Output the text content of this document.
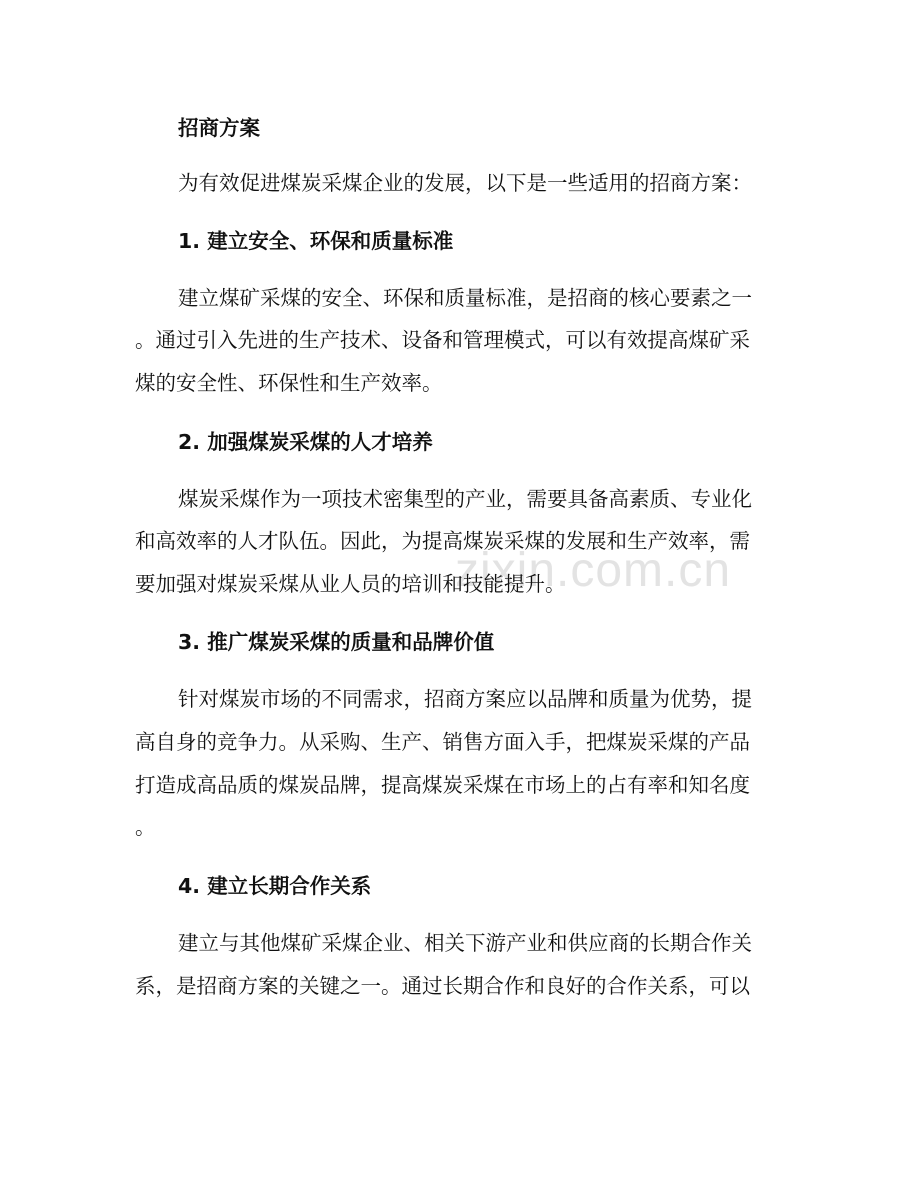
zixin.com.cn
招商方案
为有效促进煤炭采煤企业的发展，以下是一些适用的招商方案：
1. 建立安全、环保和质量标准
建立煤矿采煤的安全、环保和质量标准，是招商的核心要素之一
。通过引入先进的生产技术、设备和管理模式，可以有效提高煤矿采
煤的安全性、环保性和生产效率。
2. 加强煤炭采煤的人才培养
煤炭采煤作为一项技术密集型的产业，需要具备高素质、专业化
和高效率的人才队伍。因此，为提高煤炭采煤的发展和生产效率，需
要加强对煤炭采煤从业人员的培训和技能提升。
3. 推广煤炭采煤的质量和品牌价值
针对煤炭市场的不同需求，招商方案应以品牌和质量为优势，提
高自身的竞争力。从采购、生产、销售方面入手，把煤炭采煤的产品
打造成高品质的煤炭品牌，提高煤炭采煤在市场上的占有率和知名度
。
4. 建立长期合作关系
建立与其他煤矿采煤企业、相关下游产业和供应商的长期合作关
系，是招商方案的关键之一。通过长期合作和良好的合作关系，可以
